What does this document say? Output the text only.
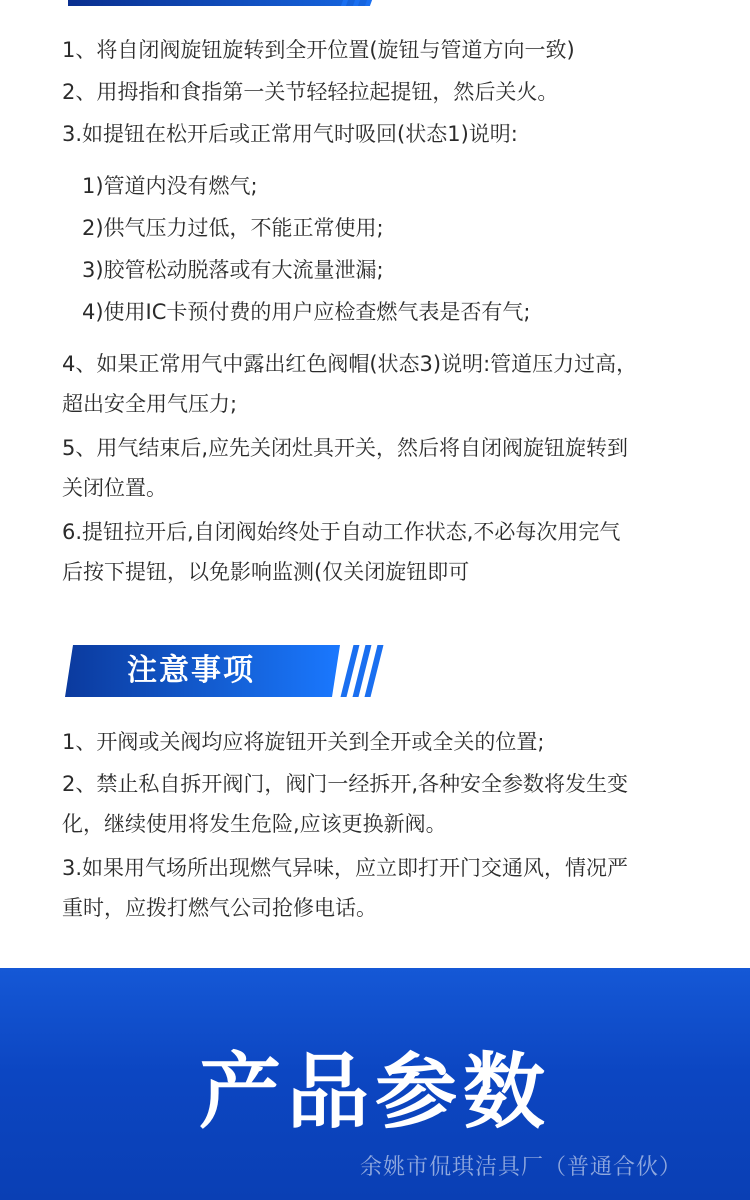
1、将自闭阀旋钮旋转到全开位置(旋钮与管道方向一致)

2、用拇指和食指第一关节轻轻拉起提钮，然后关火。

3.如提钮在松开后或正常用气时吸回(状态1)说明:

1)管道内没有燃气;

2)供气压力过低，不能正常使用;

3)胶管松动脱落或有大流量泄漏;

4)使用IC卡预付费的用户应检查燃气表是否有气;

4、如果正常用气中露出红色阀帽(状态3)说明:管道压力过高，
超出安全用气压力;

5、用气结束后,应先关闭灶具开关，然后将自闭阀旋钮旋转到
关闭位置。

6.提钮拉开后,自闭阀始终处于自动工作状态,不必每次用完气
后按下提钮，以免影响监测(仅关闭旋钮即可

注意事项

1、开阀或关阀均应将旋钮开关到全开或全关的位置;

2、禁止私自拆开阀门，阀门一经拆开,各种安全参数将发生变
化，继续使用将发生危险,应该更换新阀。

3.如果用气场所出现燃气异味，应立即打开门交通风，情况严
重时，应拨打燃气公司抢修电话。

产品参数
余姚市侃琪洁具厂（普通合伙）
